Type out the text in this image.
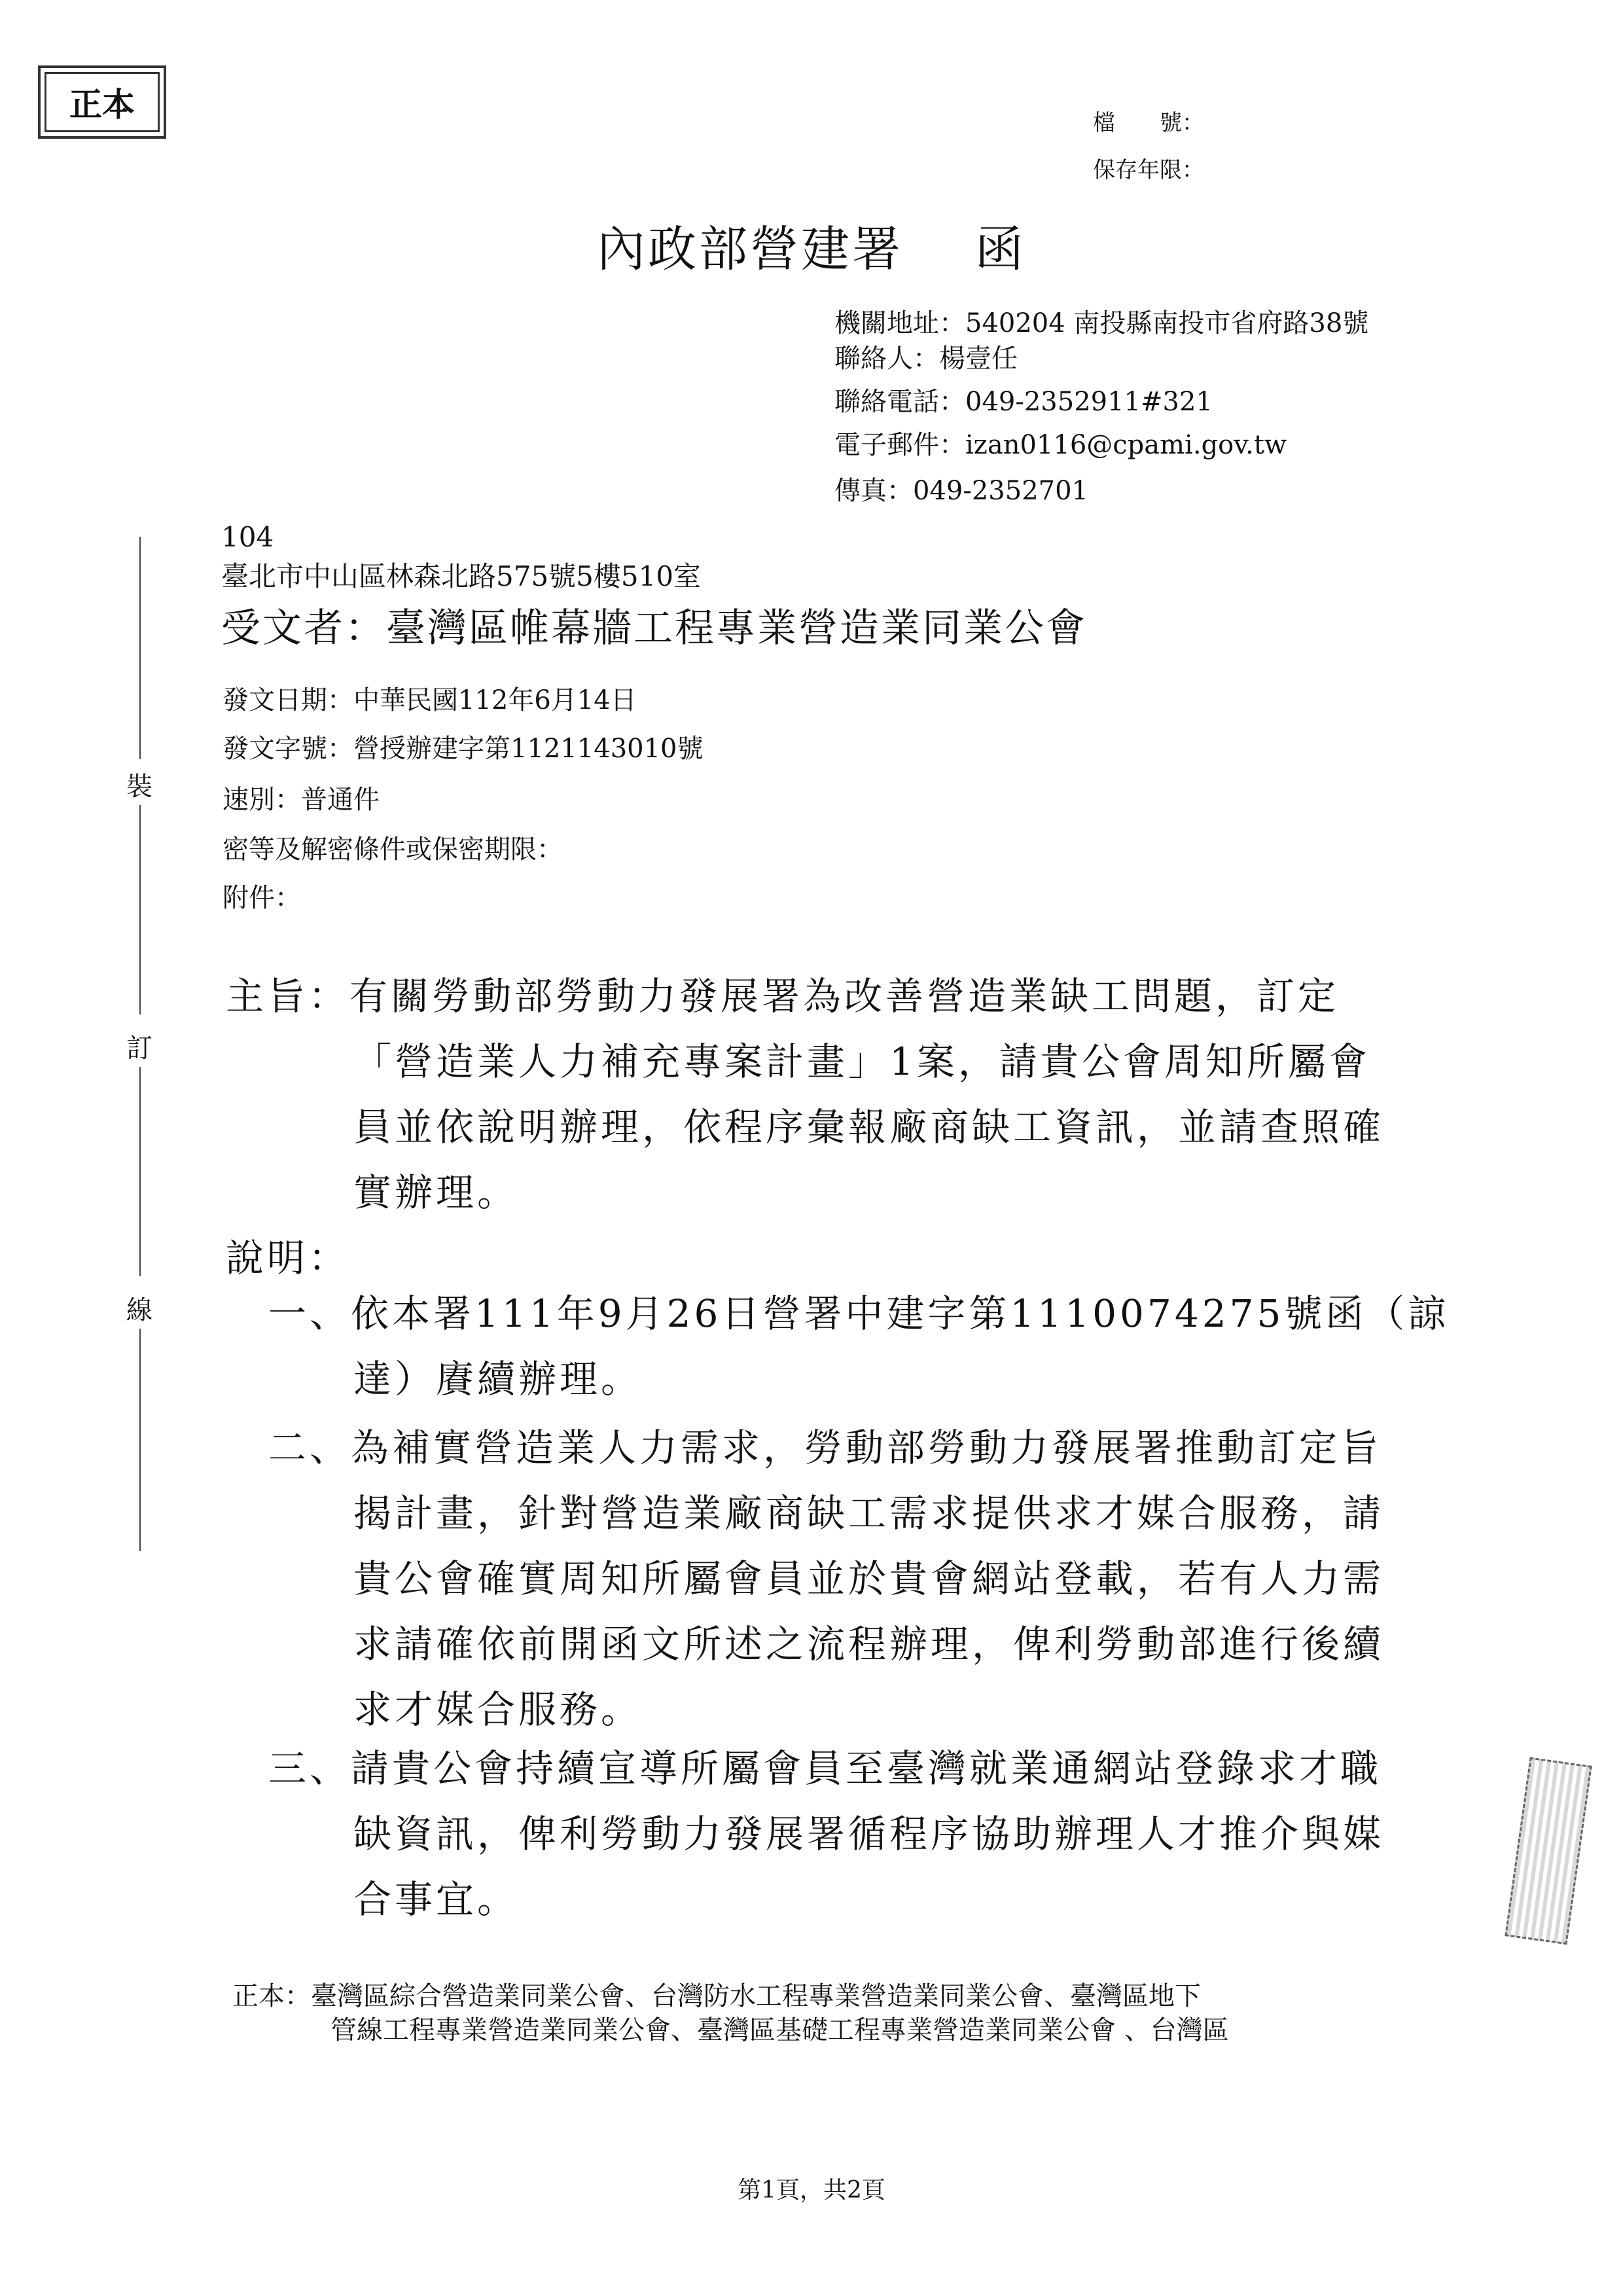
正本	檔　　號：
保存年限：
內政部營建署 函
機關地址：540204 南投縣南投市省府路38號
聯絡人：楊壹任
聯絡電話：049-2352911#321
電子郵件：izan0116@cpami.gov.tw
傳真：049-2352701
104
臺北市中山區林森北路575號5樓510室
受文者：臺灣區帷幕牆工程專業營造業同業公會
發文日期：中華民國112年6月14日
發文字號：營授辦建字第1121143010號
速別：普通件
密等及解密條件或保密期限：
附件：
裝
訂
線
主旨：有關勞動部勞動力發展署為改善營造業缺工問題，訂定
「營造業人力補充專案計畫」1案，請貴公會周知所屬會
員並依說明辦理，依程序彙報廠商缺工資訊，並請查照確
實辦理。
說明：
一、依本署111年9月26日營署中建字第1110074275號函（諒
達）賡續辦理。
二、為補實營造業人力需求，勞動部勞動力發展署推動訂定旨
揭計畫，針對營造業廠商缺工需求提供求才媒合服務，請
貴公會確實周知所屬會員並於貴會網站登載，若有人力需
求請確依前開函文所述之流程辦理，俾利勞動部進行後續
求才媒合服務。
三、請貴公會持續宣導所屬會員至臺灣就業通網站登錄求才職
缺資訊，俾利勞動力發展署循程序協助辦理人才推介與媒
合事宜。
正本：臺灣區綜合營造業同業公會、台灣防水工程專業營造業同業公會、臺灣區地下
管線工程專業營造業同業公會、臺灣區基礎工程專業營造業同業公會 、台灣區
第1頁，共2頁
